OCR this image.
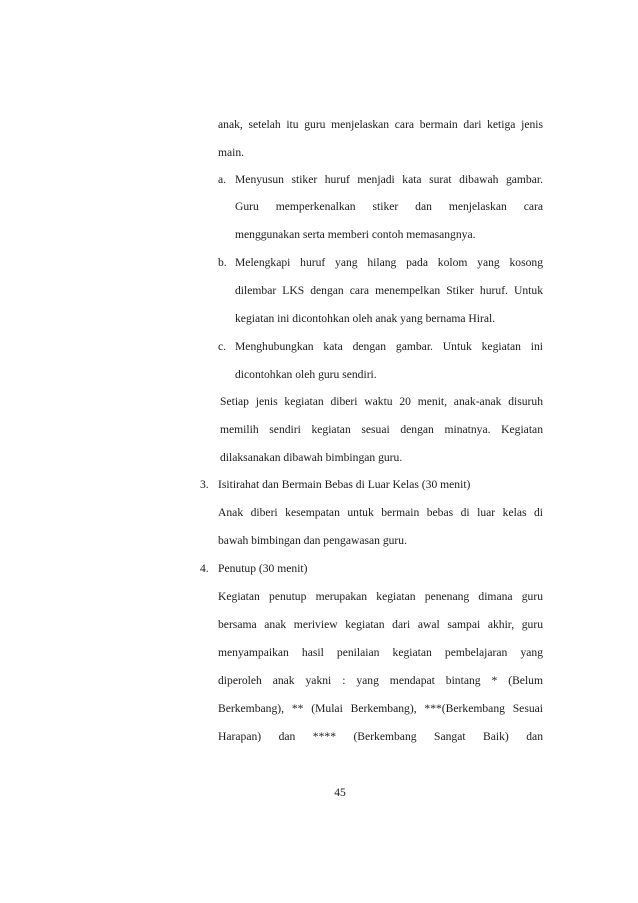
anak, setelah itu guru menjelaskan cara bermain dari ketiga jenis
main.
a. Menyusun stiker huruf menjadi kata surat dibawah gambar.
Guru memperkenalkan stiker dan menjelaskan cara
menggunakan serta memberi contoh memasangnya.
b. Melengkapi huruf yang hilang pada kolom yang kosong
dilembar LKS dengan cara menempelkan Stiker huruf. Untuk
kegiatan ini dicontohkan oleh anak yang bernama Hiral.
c. Menghubungkan kata dengan gambar. Untuk kegiatan ini
dicontohkan oleh guru sendiri.
Setiap jenis kegiatan diberi waktu 20 menit, anak-anak disuruh
memilih sendiri kegiatan sesuai dengan minatnya. Kegiatan
dilaksanakan dibawah bimbingan guru.
3. Isitirahat dan Bermain Bebas di Luar Kelas (30 menit)
Anak diberi kesempatan untuk bermain bebas di luar kelas di
bawah bimbingan dan pengawasan guru.
4. Penutup (30 menit)
Kegiatan penutup merupakan kegiatan penenang dimana guru
bersama anak meriview kegiatan dari awal sampai akhir, guru
menyampaikan hasil penilaian kegiatan pembelajaran yang
diperoleh anak yakni : yang mendapat bintang * (Belum
Berkembang), ** (Mulai Berkembang), ***(Berkembang Sesuai
Harapan) dan **** (Berkembang Sangat Baik) dan
45
